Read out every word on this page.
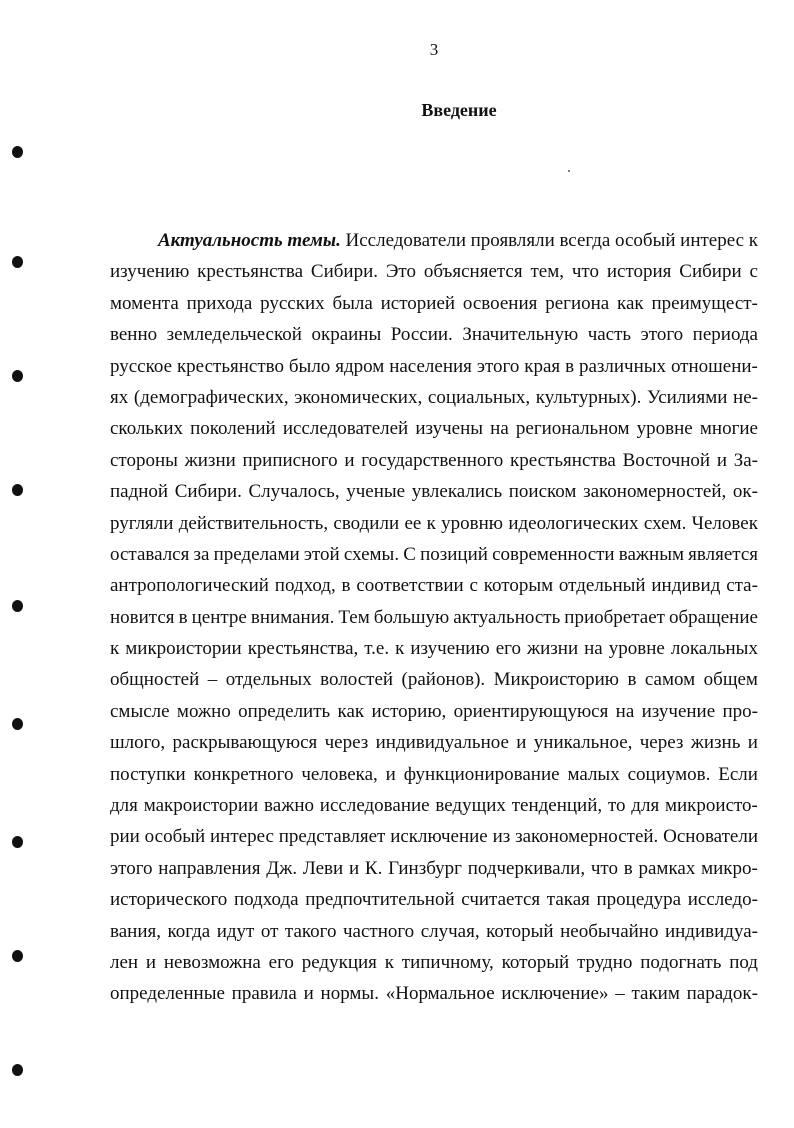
3
Введение
Актуальность темы. Исследователи проявляли всегда особый интерес к
изучению крестьянства Сибири. Это объясняется тем, что история Сибири с
момента прихода русских была историей освоения региона как преимущест-
венно земледельческой окраины России. Значительную часть этого периода
русское крестьянство было ядром населения этого края в различных отношени-
ях (демографических, экономических, социальных, культурных). Усилиями не-
скольких поколений исследователей изучены на региональном уровне многие
стороны жизни приписного и государственного крестьянства Восточной и За-
падной Сибири. Случалось, ученые увлекались поиском закономерностей, ок-
ругляли действительность, сводили ее к уровню идеологических схем. Человек
оставался за пределами этой схемы. С позиций современности важным является
антропологический подход, в соответствии с которым отдельный индивид ста-
новится в центре внимания. Тем большую актуальность приобретает обращение
к микроистории крестьянства, т.е. к изучению его жизни на уровне локальных
общностей – отдельных волостей (районов). Микроисторию в самом общем
смысле можно определить как историю, ориентирующуюся на изучение про-
шлого, раскрывающуюся через индивидуальное и уникальное, через жизнь и
поступки конкретного человека, и функционирование малых социумов. Если
для макроистории важно исследование ведущих тенденций, то для микроисто-
рии особый интерес представляет исключение из закономерностей. Основатели
этого направления Дж. Леви и К. Гинзбург подчеркивали, что в рамках микро-
исторического подхода предпочтительной считается такая процедура исследо-
вания, когда идут от такого частного случая, который необычайно индивидуа-
лен и невозможна его редукция к типичному, который трудно подогнать под
определенные правила и нормы. «Нормальное исключение» – таким парадок-
